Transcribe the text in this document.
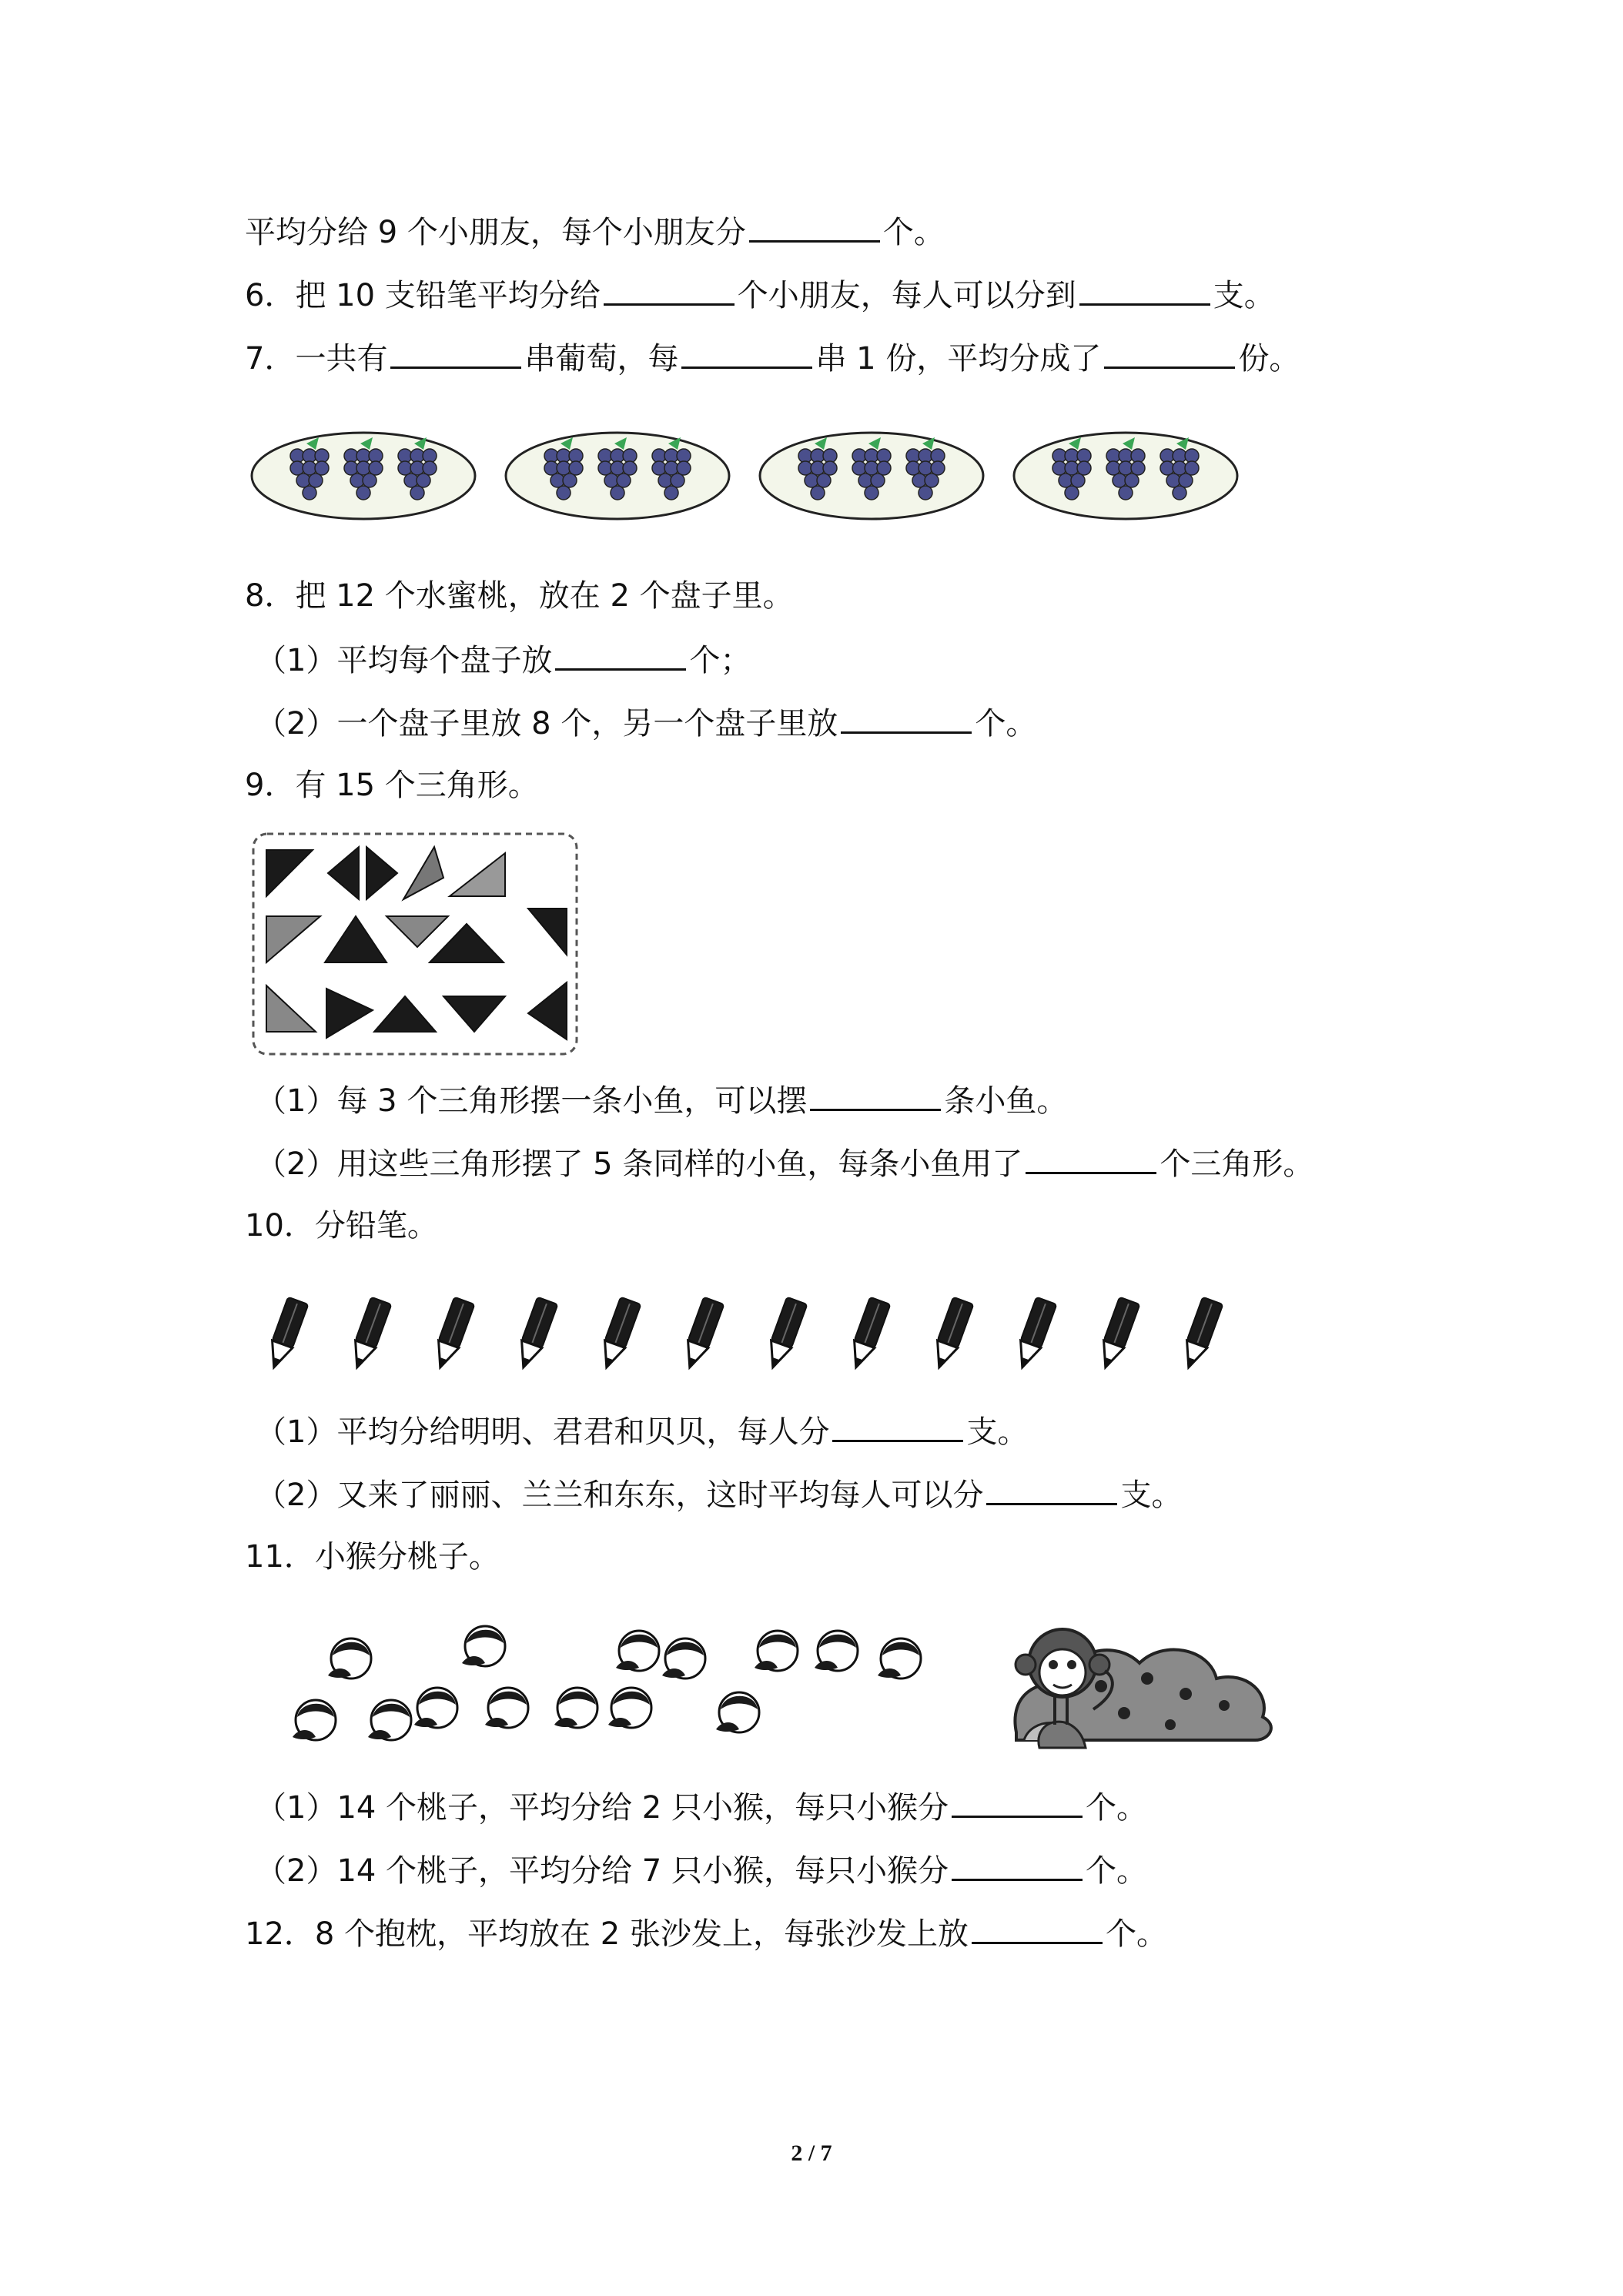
平均分给 9 个小朋友，每个小朋友分	个。
6．把 10 支铅笔平均分给	个小朋友，每人可以分到	支。
7．一共有	串葡萄，每	串 1 份，平均分成了	份。
8．把 12 个水蜜桃，放在 2 个盘子里。
（1）平均每个盘子放	个；
（2）一个盘子里放 8 个，另一个盘子里放	个。
9．有 15 个三角形。
（1）每 3 个三角形摆一条小鱼，可以摆	条小鱼。
（2）用这些三角形摆了 5 条同样的小鱼，每条小鱼用了	个三角形。
10．分铅笔。
（1）平均分给明明、君君和贝贝，每人分	支。
（2）又来了丽丽、兰兰和东东，这时平均每人可以分	支。
11．小猴分桃子。
（1）14 个桃子，平均分给 2 只小猴，每只小猴分	个。
（2）14 个桃子，平均分给 7 只小猴，每只小猴分	个。
12．8 个抱枕，平均放在 2 张沙发上，每张沙发上放	个。
2 / 7
